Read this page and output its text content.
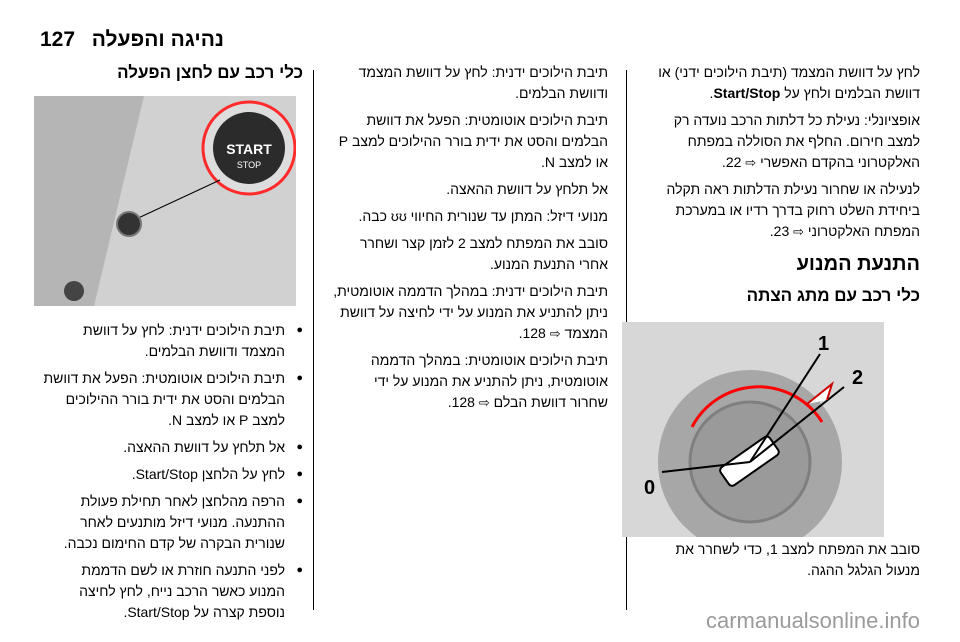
127 נהיגה והפעלה

לחץ על דוושת המצמד (תיבת הילוכים ידני) או דוושת הבלמים ולחץ על Start/Stop.

אופציונלי: נעילת כל דלתות הרכב נועדה רק למצב חירום. החלף את הסוללה במפתח האלקטרוני בהקדם האפשרי ⇨ 22.

לנעילה או שחרור נעילת הדלתות ראה תקלה ביחידת השלט רחוק בדרך רדיו או במערכת המפתח האלקטרוני ⇨ 23.

התנעת המנוע

כלי רכב עם מתג הצתה

סובב את המפתח למצב 1, כדי לשחרר את מנעול הגלגל ההגה.

1
2
0

תיבת הילוכים ידנית: לחץ על דוושת המצמד ודוושת הבלמים.

תיבת הילוכים אוטומטית: הפעל את דוושת הבלמים והסט את ידית בורר ההילוכים למצב P או למצב N.

אל תלחץ על דוושת ההאצה.

מנועי דיזל: המתן עד שנורית החיווי ʊʊ כבה.

סובב את המפתח למצב 2 לזמן קצר ושחרר אחרי התנעת המנוע.

תיבת הילוכים ידנית: במהלך הדממה אוטומטית, ניתן להתניע את המנוע על ידי לחיצה על דוושת המצמד ⇨ 128.

תיבת הילוכים אוטומטית: במהלך הדממה אוטומטית, ניתן להתניע את המנוע על ידי שחרור דוושת הבלם ⇨ 128.

כלי רכב עם לחצן הפעלה

● תיבת הילוכים ידנית: לחץ על דוושת המצמד ודוושת הבלמים.

● תיבת הילוכים אוטומטית: הפעל את דוושת הבלמים והסט את ידית בורר ההילוכים למצב P או למצב N.

● אל תלחץ על דוושת ההאצה.

● לחץ על הלחצן Start/Stop.

● הרפה מהלחצן לאחר תחילת פעולת ההתנעה. מנועי דיזל מותנעים לאחר שנורית הבקרה של קדם החימום נכבה.

● לפני התנעה חוזרת או לשם הדממת המנוע כאשר הרכב נייח, לחץ לחיצה נוספת קצרה על Start/Stop.

START
STOP
carmanualsonline.info
